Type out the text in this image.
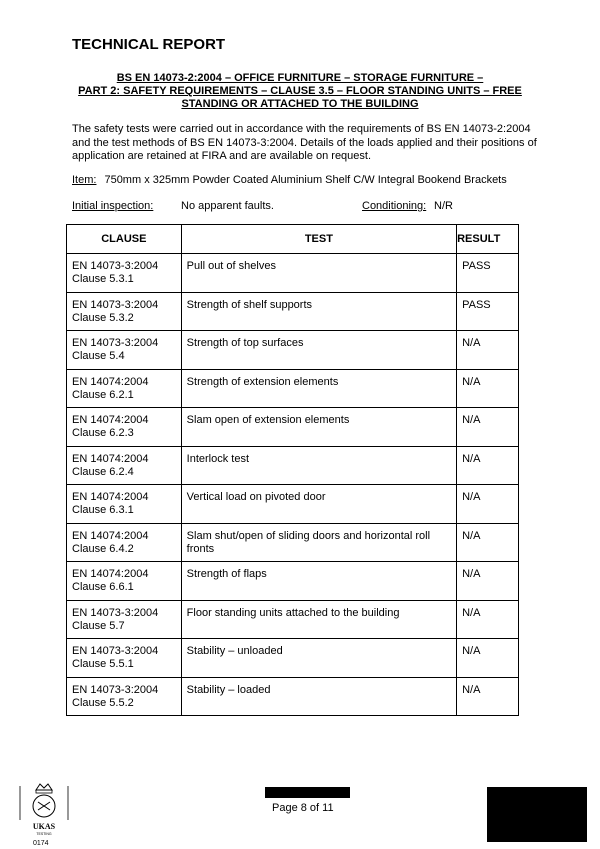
TECHNICAL REPORT
BS EN 14073-2:2004 – OFFICE FURNITURE – STORAGE FURNITURE –
PART 2: SAFETY REQUIREMENTS – CLAUSE 3.5 – FLOOR STANDING UNITS – FREE
STANDING OR ATTACHED TO THE BUILDING
The safety tests were carried out in accordance with the requirements of BS EN 14073-2:2004 and the test methods of BS EN 14073-3:2004. Details of the loads applied and their positions of application are retained at FIRA and are available on request.
Item: 750mm x 325mm Powder Coated Aluminium Shelf C/W Integral Bookend Brackets
Initial inspection:	No apparent faults.	Conditioning: N/R
CLAUSE	TEST	RESULT

EN 14073-3:2004
Clause 5.3.1	Pull out of shelves	PASS

EN 14073-3:2004
Clause 5.3.2	Strength of shelf supports	PASS

EN 14073-3:2004
Clause 5.4	Strength of top surfaces	N/A

EN 14074:2004
Clause 6.2.1	Strength of extension elements	N/A

EN 14074:2004
Clause 6.2.3	Slam open of extension elements	N/A

EN 14074:2004
Clause 6.2.4	Interlock test	N/A

EN 14074:2004
Clause 6.3.1	Vertical load on pivoted door	N/A

EN 14074:2004
Clause 6.4.2	Slam shut/open of sliding doors and horizontal roll fronts	N/A

EN 14074:2004
Clause 6.6.1	Strength of flaps	N/A

EN 14073-3:2004
Clause 5.7	Floor standing units attached to the building	N/A

EN 14073-3:2004
Clause 5.5.1	Stability – unloaded	N/A

EN 14073-3:2004
Clause 5.5.2	Stability – loaded	N/A
UKAS
TESTING
0174
Page 8 of 11
